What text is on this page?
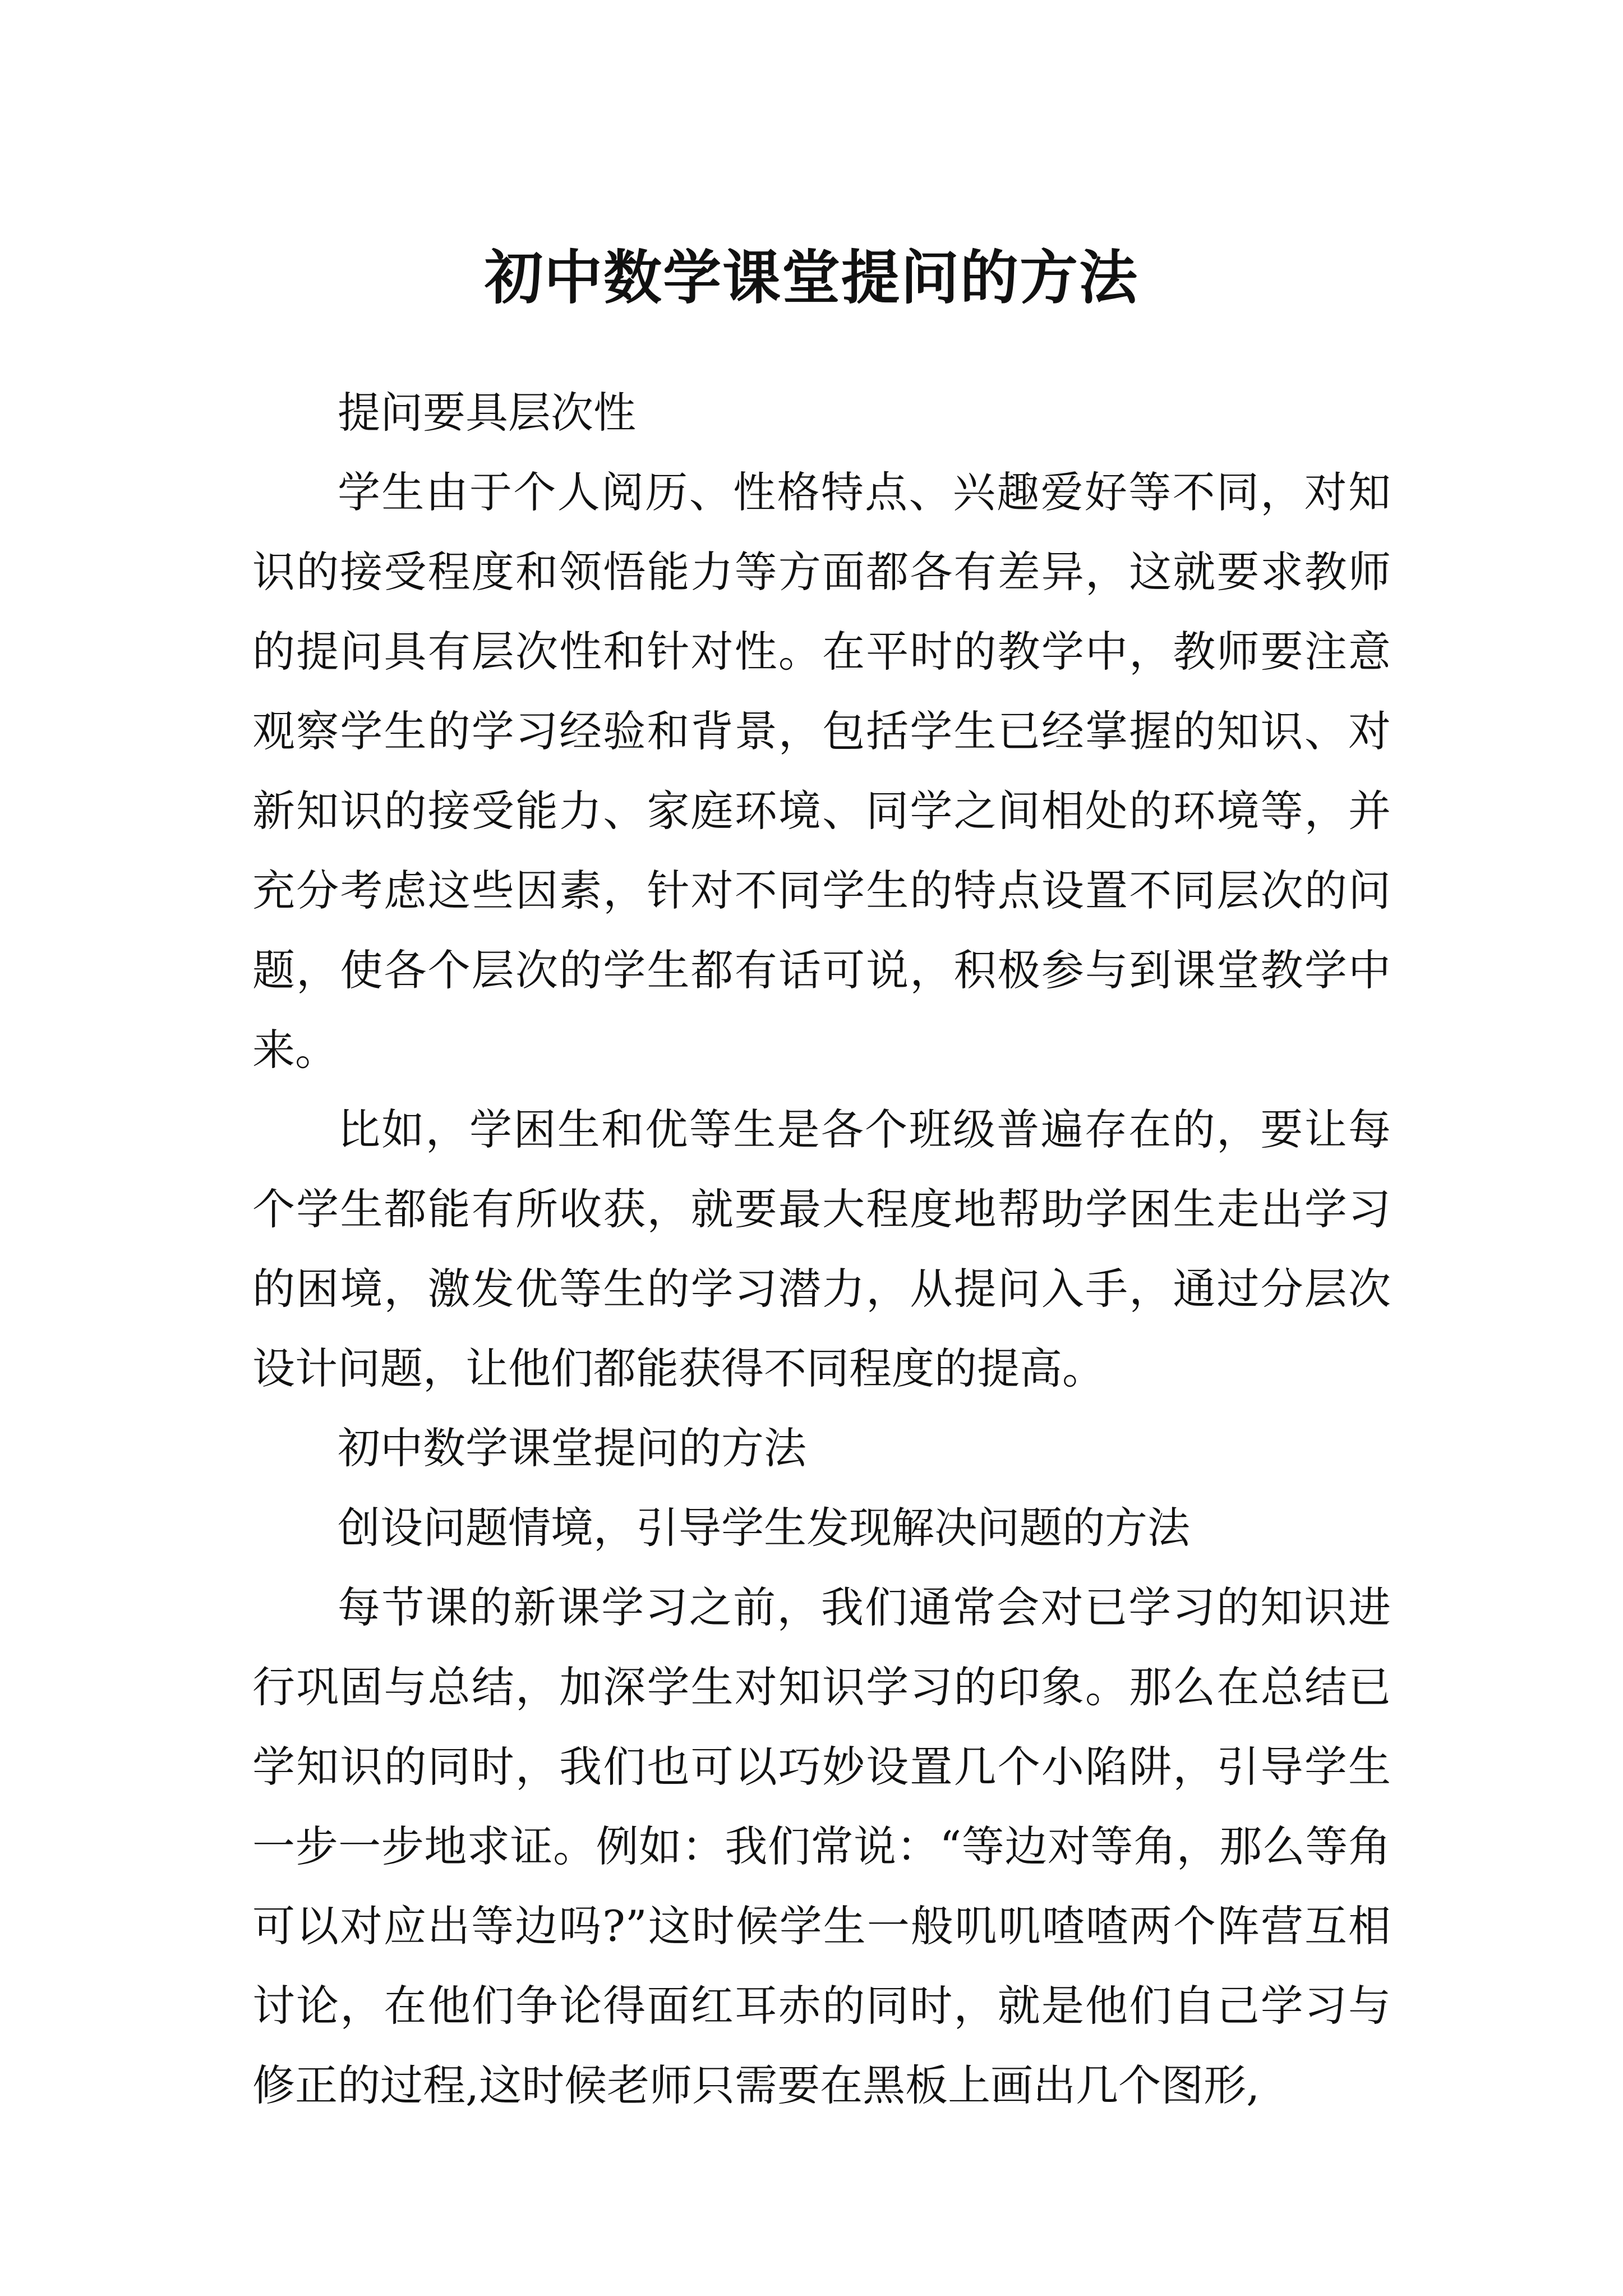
初中数学课堂提问的方法

提问要具层次性

学生由于个人阅历、性格特点、兴趣爱好等不同，对知识的接受程度和领悟能力等方面都各有差异，这就要求教师的提问具有层次性和针对性。在平时的教学中，教师要注意观察学生的学习经验和背景，包括学生已经掌握的知识、对新知识的接受能力、家庭环境、同学之间相处的环境等，并充分考虑这些因素，针对不同学生的特点设置不同层次的问题，使各个层次的学生都有话可说，积极参与到课堂教学中来。

比如，学困生和优等生是各个班级普遍存在的，要让每个学生都能有所收获，就要最大程度地帮助学困生走出学习的困境，激发优等生的学习潜力，从提问入手，通过分层次设计问题，让他们都能获得不同程度的提高。

初中数学课堂提问的方法

创设问题情境，引导学生发现解决问题的方法

每节课的新课学习之前，我们通常会对已学习的知识进行巩固与总结，加深学生对知识学习的印象。那么在总结已学知识的同时，我们也可以巧妙设置几个小陷阱，引导学生一步一步地求证。例如：我们常说：“等边对等角，那么等角可以对应出等边吗?”这时候学生一般叽叽喳喳两个阵营互相讨论，在他们争论得面红耳赤的同时，就是他们自己学习与修正的过程,这时候老师只需要在黑板上画出几个图形,
